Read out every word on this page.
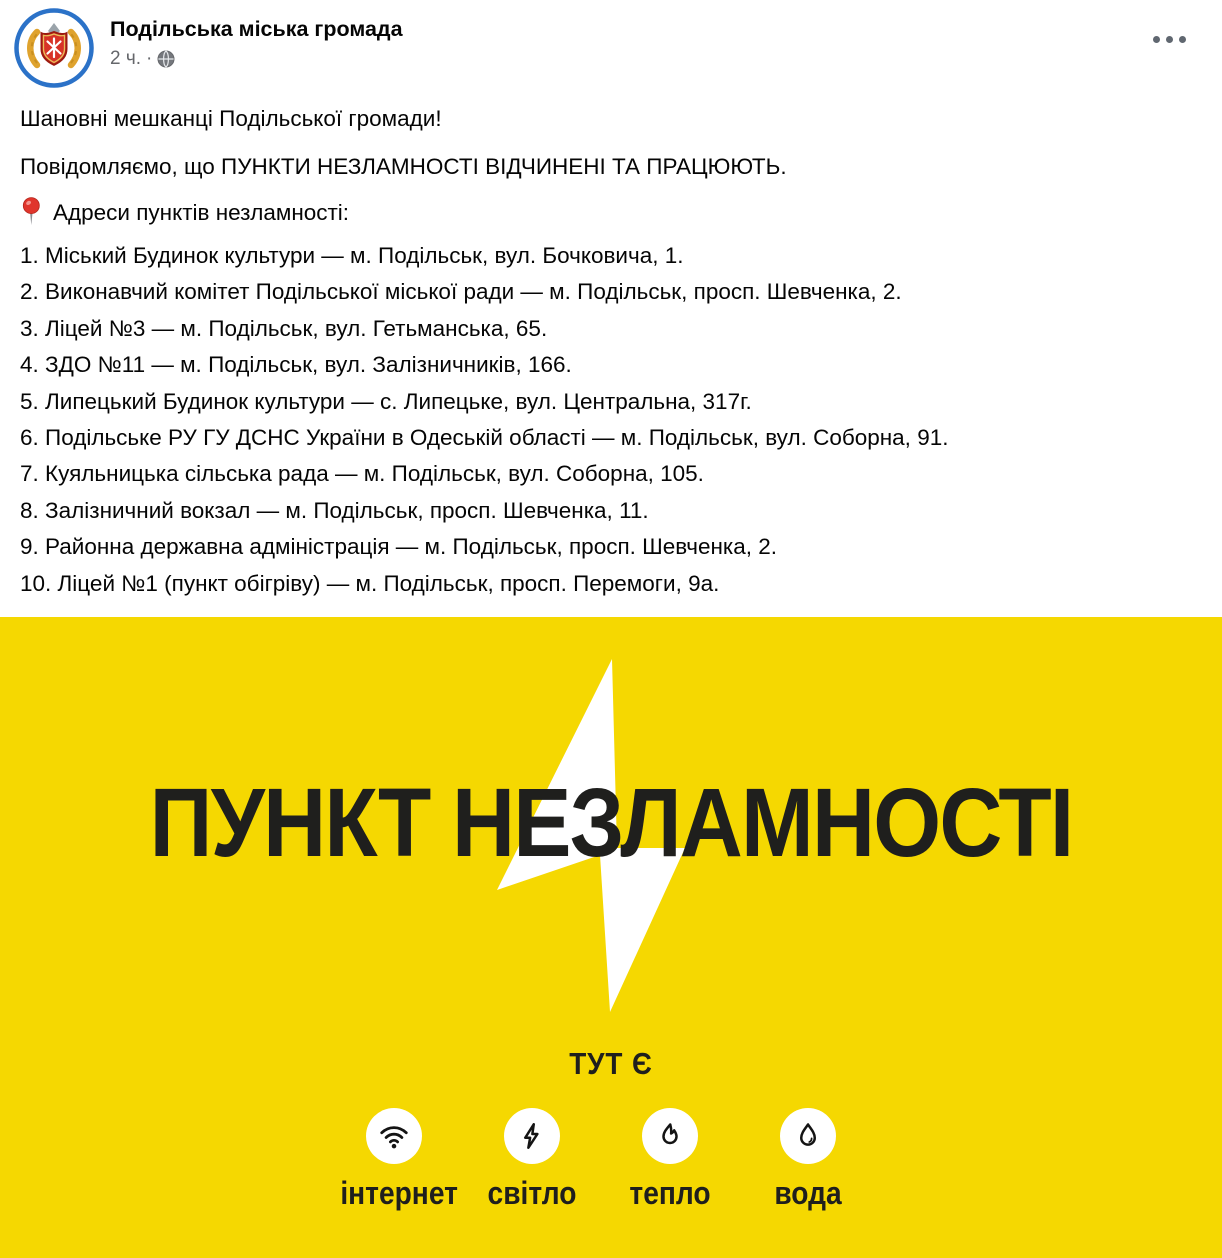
Подільська міська громада
2 ч. ·

Шановні мешканці Подільської громади!

Повідомляємо, що ПУНКТИ НЕЗЛАМНОСТІ ВІДЧИНЕНІ ТА ПРАЦЮЮТЬ.

Адреси пунктів незламності:
1. Міський Будинок культури — м. Подільськ, вул. Бочковича, 1.
2. Виконавчий комітет Подільської міської ради — м. Подільськ, просп. Шевченка, 2.
3. Ліцей №3 — м. Подільськ, вул. Гетьманська, 65.
4. ЗДО №11 — м. Подільськ, вул. Залізничників, 166.
5. Липецький Будинок культури — с. Липецьке, вул. Центральна, 317г.
6. Подільське РУ ГУ ДСНС України в Одеській області — м. Подільськ, вул. Соборна, 91.
7. Куяльницька сільська рада — м. Подільськ, вул. Соборна, 105.
8. Залізничний вокзал — м. Подільськ, просп. Шевченка, 11.
9. Районна державна адміністрація — м. Подільськ, просп. Шевченка, 2.
10. Ліцей №1 (пункт обігріву) — м. Подільськ, просп. Перемоги, 9а.
ПУНКТ НЕЗЛАМНОСТІ
ТУТ Є
інтернет світло	тепло	вода
